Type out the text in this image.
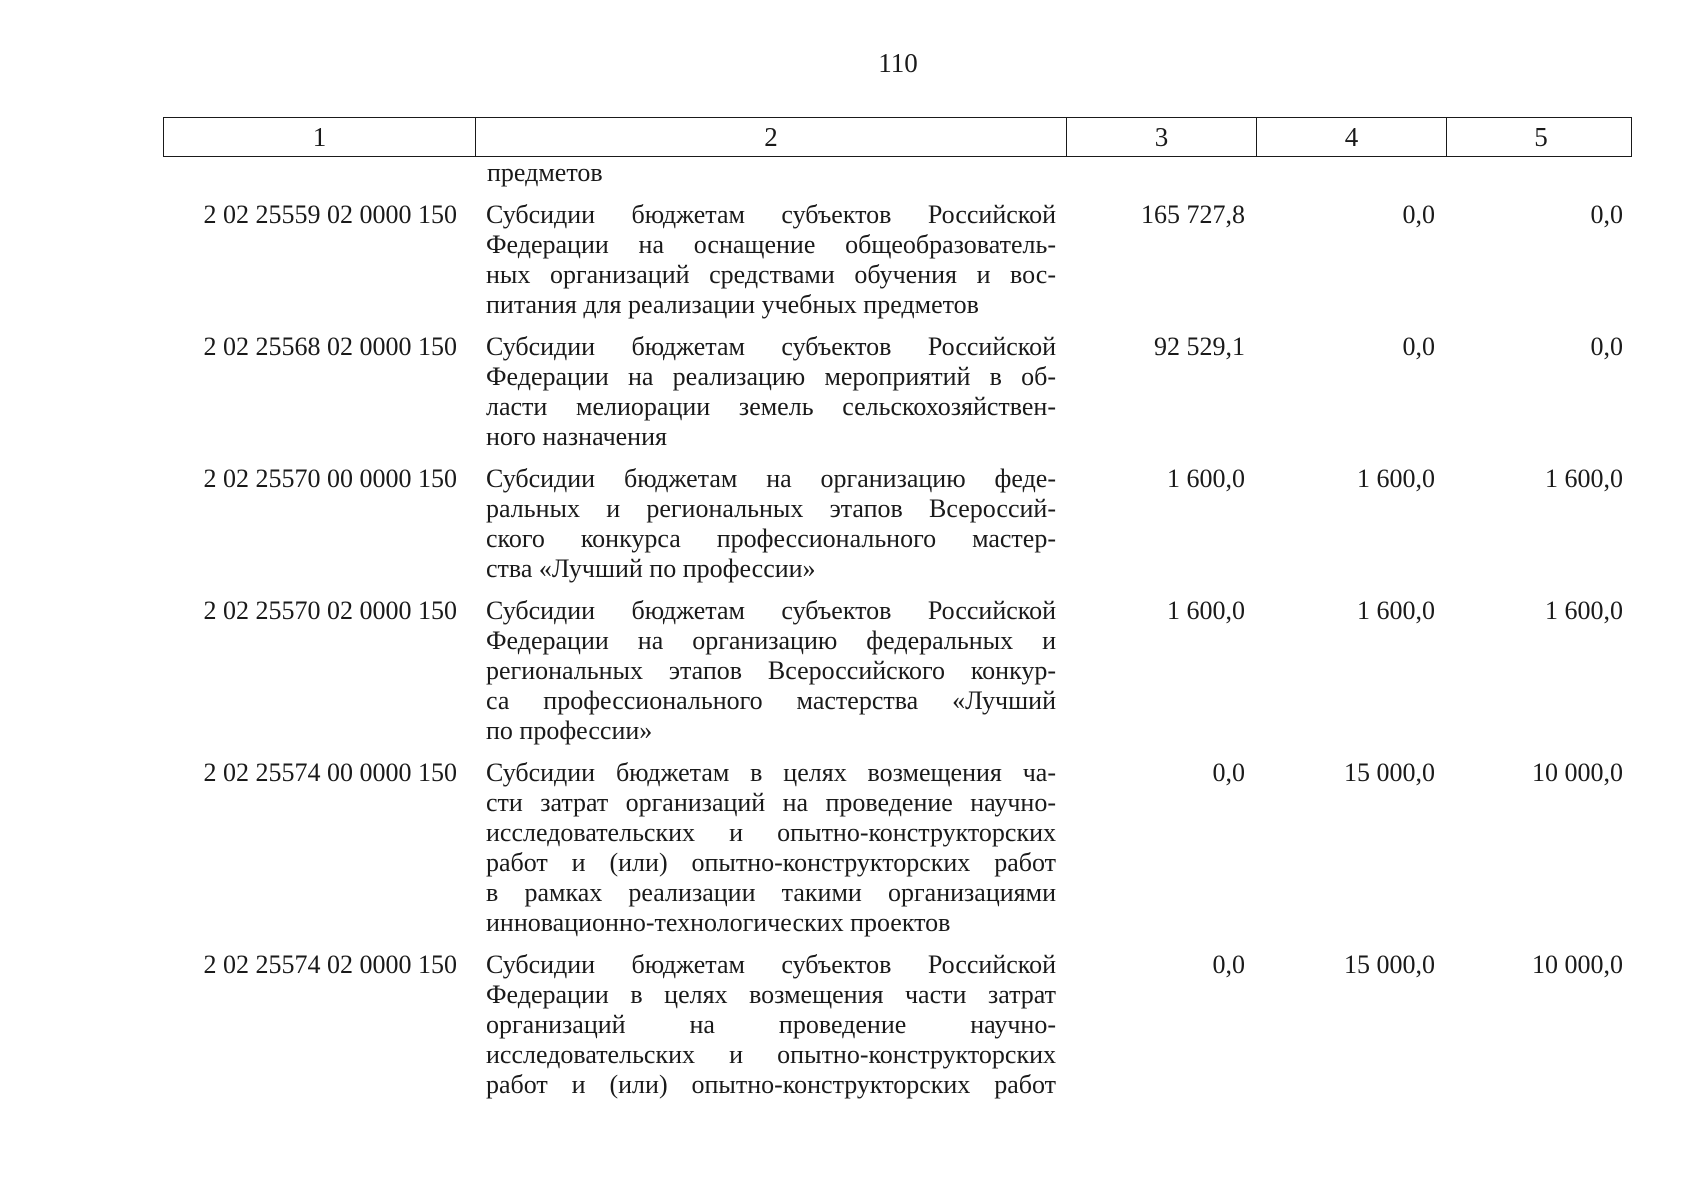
110
1	2	3	4	5
предметов
2 02 25559 02 0000 150	Субсидии бюджетам субъектов Российской
Федерации на оснащение общеобразователь-
ных организаций средствами обучения и вос-
питания для реализации учебных предметов
165 727,8	0,0	0,0
2 02 25568 02 0000 150	Субсидии бюджетам субъектов Российской
Федерации на реализацию мероприятий в об-
ласти мелиорации земель сельскохозяйствен-
ного назначения
92 529,1	0,0	0,0
2 02 25570 00 0000 150	Субсидии бюджетам на организацию феде-
ральных и региональных этапов Всероссий-
ского конкурса профессионального мастер-
ства «Лучший по профессии»
1 600,0	1 600,0	1 600,0
2 02 25570 02 0000 150	Субсидии бюджетам субъектов Российской
Федерации на организацию федеральных и
региональных этапов Всероссийского конкур-
са профессионального мастерства «Лучший
по профессии»
1 600,0	1 600,0	1 600,0
2 02 25574 00 0000 150	Субсидии бюджетам в целях возмещения ча-
сти затрат организаций на проведение научно-
исследовательских и опытно-конструкторских
работ и (или) опытно-конструкторских работ
в рамках реализации такими организациями
инновационно-технологических проектов
0,0	15 000,0	10 000,0
2 02 25574 02 0000 150	Субсидии бюджетам субъектов Российской
Федерации в целях возмещения части затрат
организаций на проведение научно-
исследовательских и опытно-конструкторских
работ и (или) опытно-конструкторских работ
0,0	15 000,0	10 000,0
